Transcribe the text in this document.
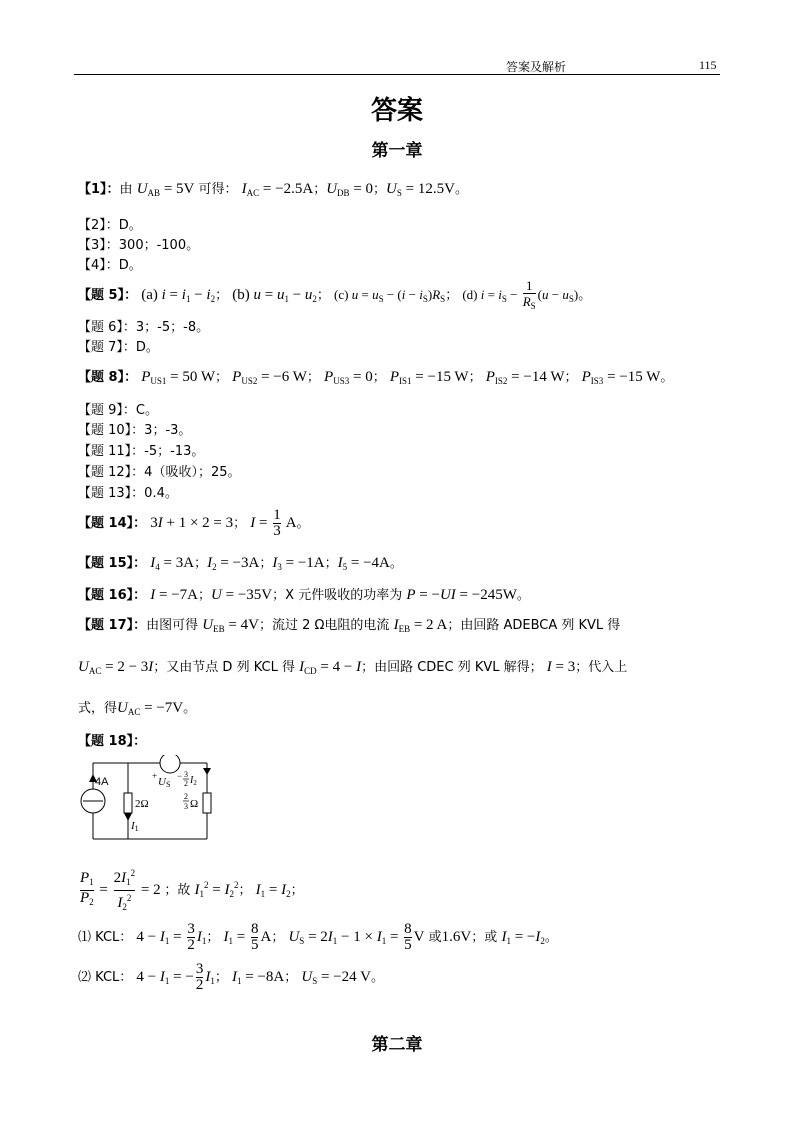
答案及解析	115
答案
第一章
【1】：由 $U_{AB} = 5V$ 可得： $I_{AC} = -2.5A$；$U_{DB} = 0$；$U_S = 12.5V$。
【2】：D。
【3】：300；-100。
【4】：D。
【题 5】： (a) $i = i_1 - i_2$； (b) $u = u_1 - u_2$； (c) $u = u_S - (i - i_S)R_S$； (d) $i = i_S - \frac{1}{R_S} (u - u_S)$。
【题 6】：3；-5；-8。
【题 7】：D。
【题 8】： $P_{US1} = 50$ W； $P_{US2} = -6$ W； $P_{US3} = 0$； $P_{IS1} = -15$ W； $P_{IS2} = -14$ W； $P_{IS3} = -15$ W。
【题 9】：C。
【题 10】：3；-3。
【题 11】：-5；-13。
【题 12】：4（吸收）；25。
【题 13】：0.4。
【题 14】： 3I + 1 × 2 = 3； $I = \frac{1}{3}$ A。
【题 15】： $I_4 = 3A$；$I_2 = -3A$；$I_3 = -1A$；$I_5 = -4A$。
【题 16】： I = −7A；U = −35V；X 元件吸收的功率为 P = −UI = −245W。
【题 17】：由图可得 $U_{EB} = 4V$；流过 2 Ω电阻的电流 $I_{EB} = 2$ A；由回路 ADEBCA 列 KVL 得
$U_{AC} = 2 - 3I$；又由节点 D 列 KCL 得 $I_{CD} = 4 - I$；由回路 CDEC 列 KVL 解得； I = 3；代入上
式，得$U_{AC} = -7V$。
【题 18】：
4A
2Ω
I1
+ US
− 3
2 $I_2$
2
3 Ω
$\frac{P_1}{P_2} = \frac{2I_1^2}{I_2^2} = 2$ ；故 $I_1^2 = I_2^2$； $I_1 = I_2$；
⑴ KCL： $4 - I_1 = \frac{3}{2} I_1$； $I_1 = \frac{8}{5}$ A； $U_S = 2I_1 - 1 \times I_1 = \frac{8}{5}$ V 或1.6V；或 $I_1 = -I_2$。
⑵ KCL： $4 - I_1$ = − $\frac{3}{2} I_1$； $I_1 = -8A$； $U_S = -24$ V。
第二章
